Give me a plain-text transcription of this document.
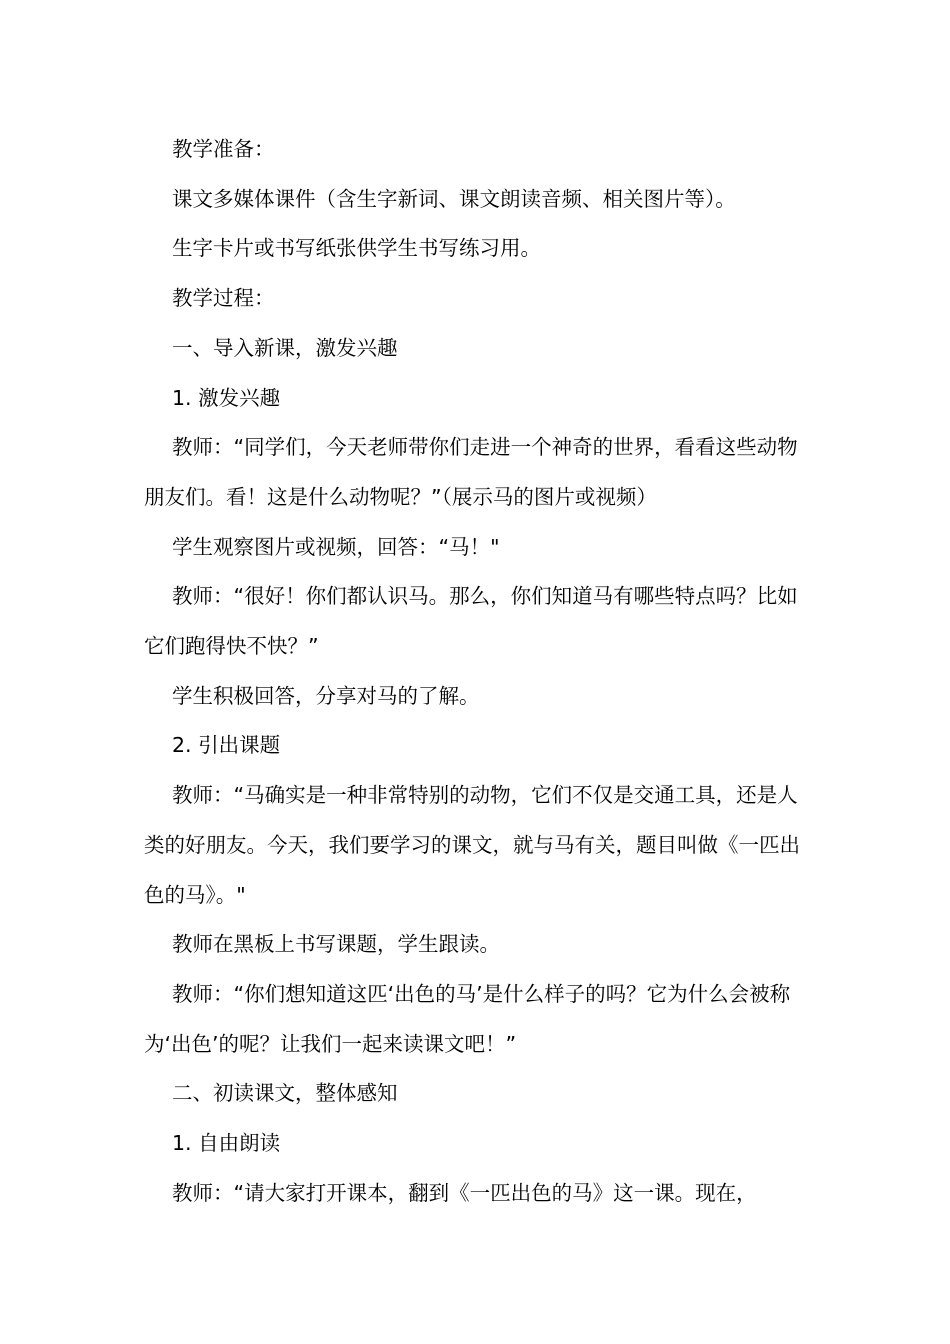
教学准备：

课文多媒体课件（含生字新词、课文朗读音频、相关图片等）。

生字卡片或书写纸张供学生书写练习用。

教学过程：

一、导入新课，激发兴趣

1. 激发兴趣

教师：“同学们，今天老师带你们走进一个神奇的世界，看看这些动物朋友们。看！这是什么动物呢？”（展示马的图片或视频）

学生观察图片或视频，回答：“马！"

教师：“很好！你们都认识马。那么，你们知道马有哪些特点吗？比如它们跑得快不快？”

学生积极回答，分享对马的了解。

2. 引出课题

教师：“马确实是一种非常特别的动物，它们不仅是交通工具，还是人类的好朋友。今天，我们要学习的课文，就与马有关，题目叫做《一匹出色的马》。"

教师在黑板上书写课题，学生跟读。

教师：“你们想知道这匹‘出色的马’是什么样子的吗？它为什么会被称为‘出色’的呢？让我们一起来读课文吧！”

二、初读课文，整体感知

1. 自由朗读

教师：“请大家打开课本，翻到《一匹出色的马》这一课。现在，
